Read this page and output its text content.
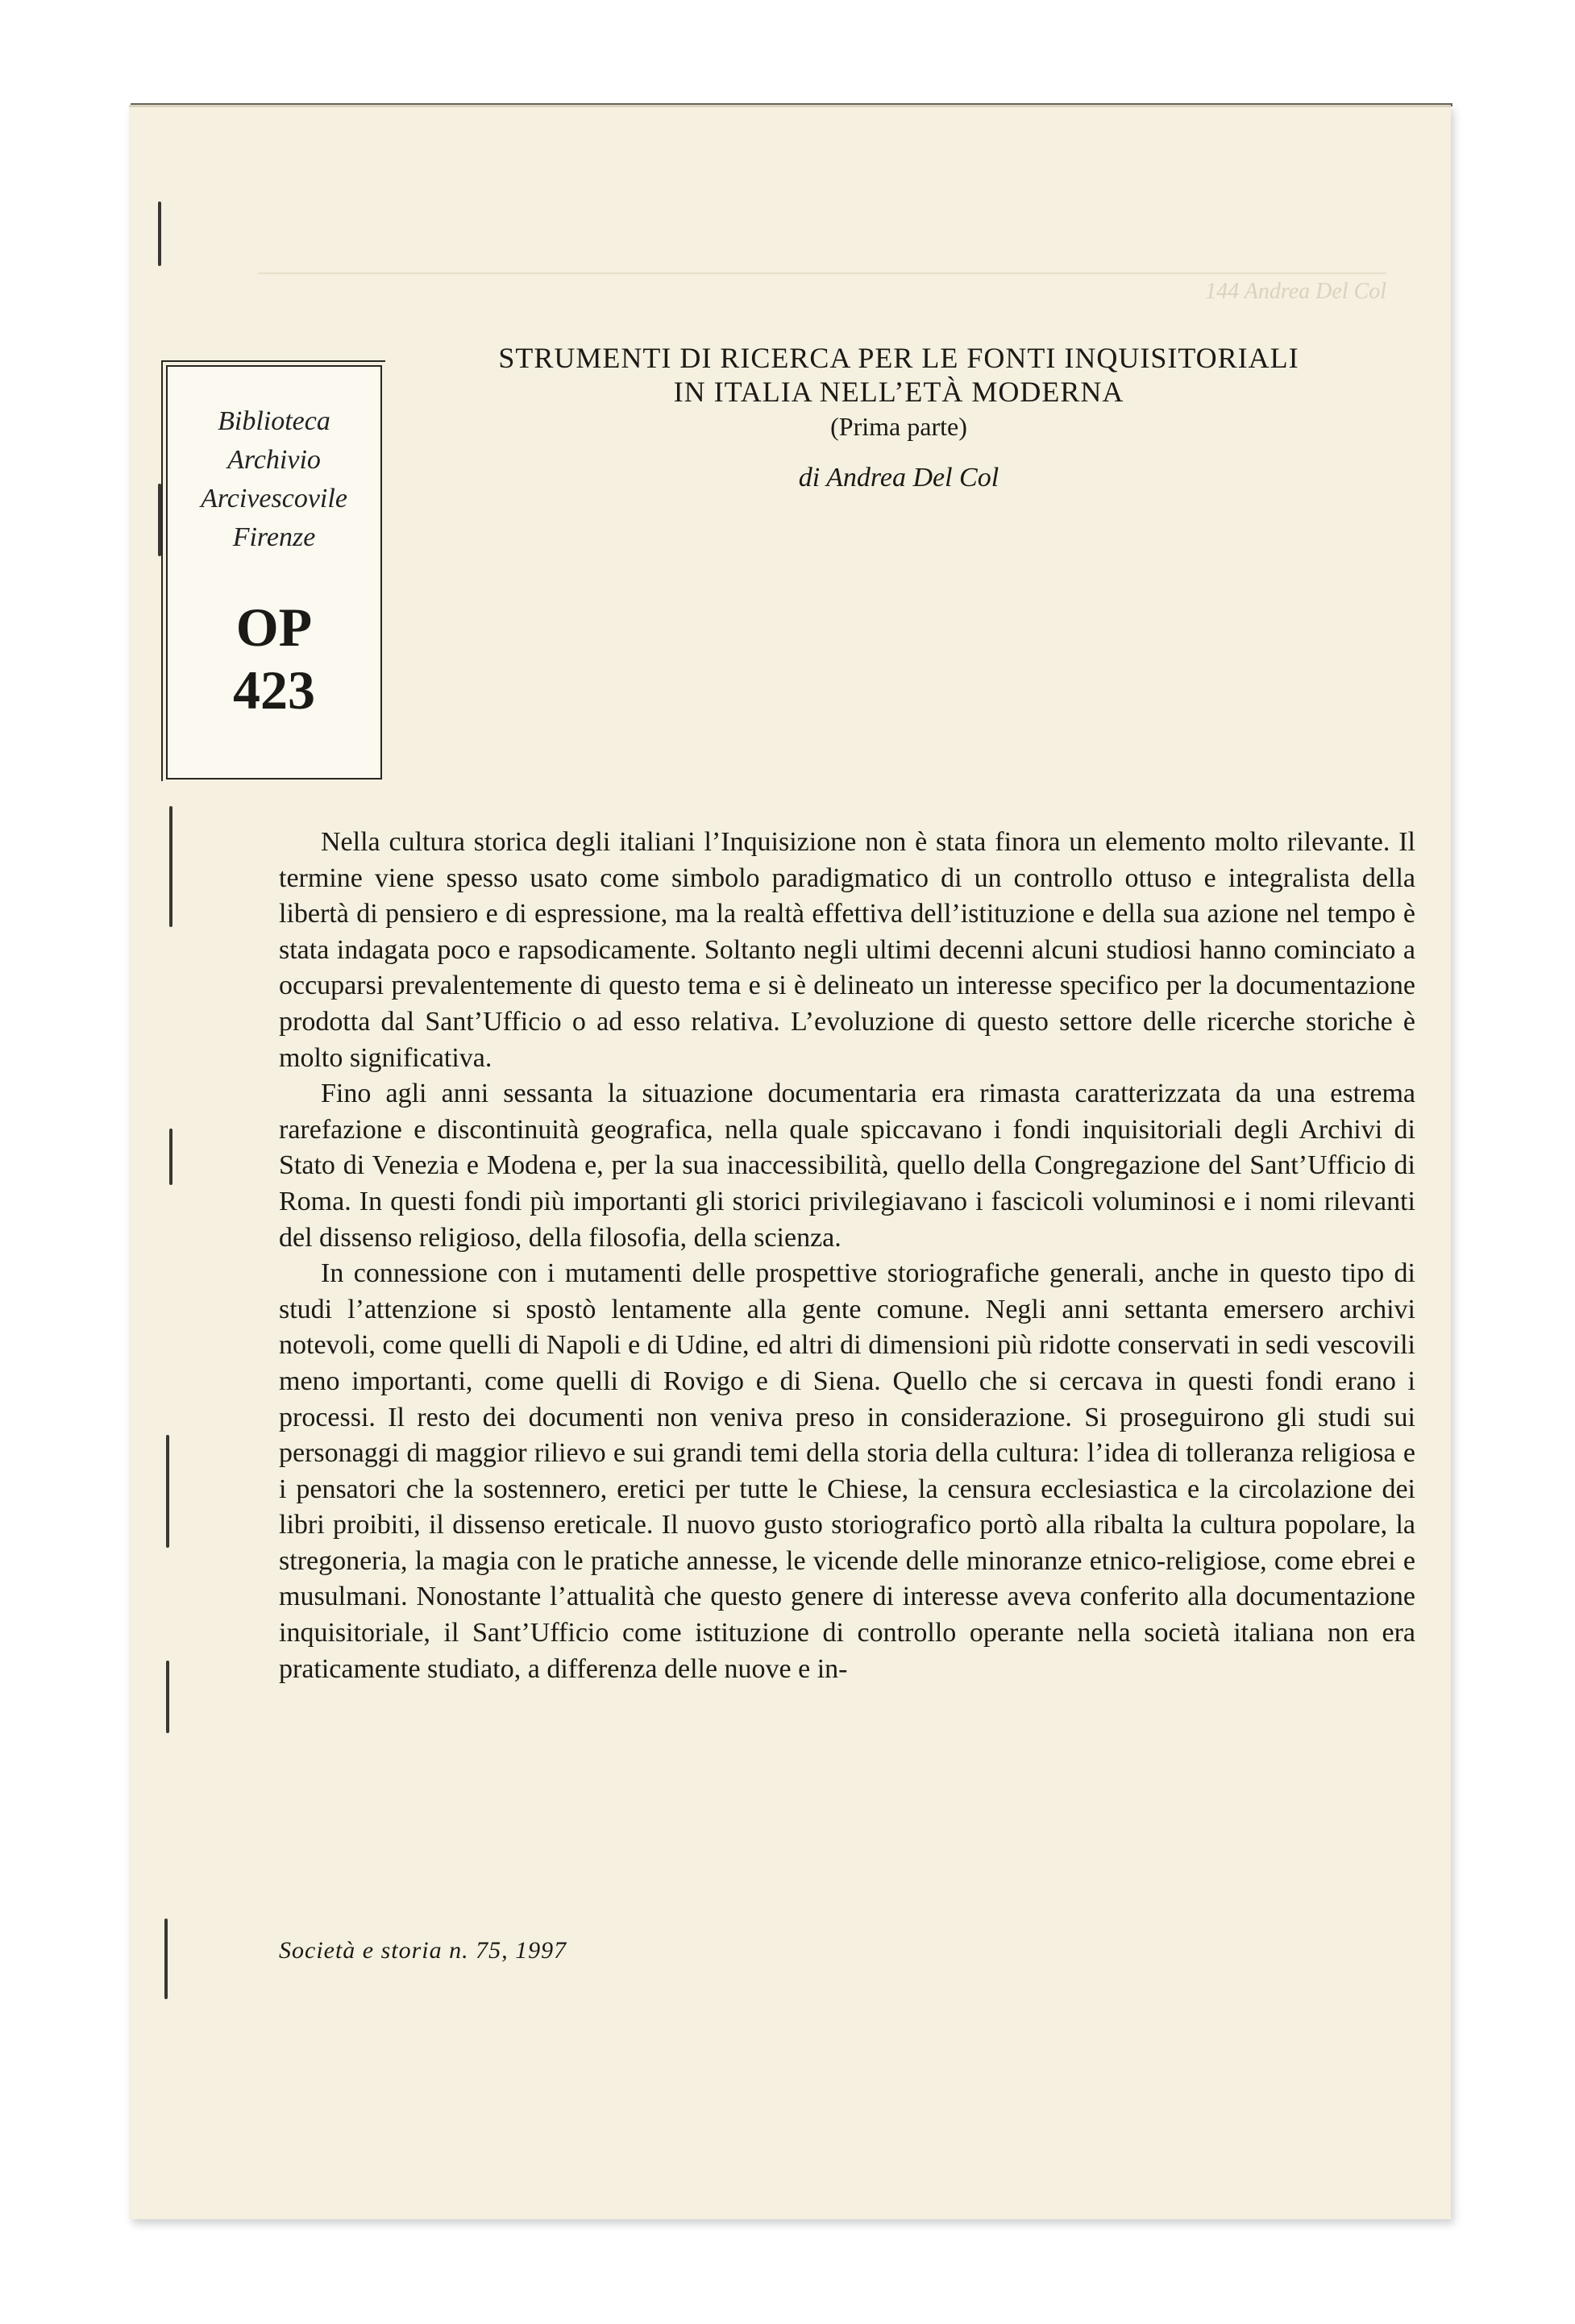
144 Andrea Del Col
STRUMENTI DI RICERCA PER LE FONTI INQUISITORIALI
IN ITALIA NELL’ETÀ MODERNA
(Prima parte)
di Andrea Del Col
Biblioteca
Archivio
Arcivescovile
Firenze
OP
423

Nella cultura storica degli italiani l’Inquisizione non è stata finora un elemento molto rilevante. Il termine viene spesso usato come simbolo paradigmatico di un controllo ottuso e integralista della libertà di pensiero e di espressione, ma la realtà effettiva dell’istituzione e della sua azione nel tempo è stata indagata poco e rapsodicamente. Soltanto negli ultimi decenni alcuni studiosi hanno cominciato a occuparsi prevalentemente di questo tema e si è delineato un interesse specifico per la documentazione prodotta dal Sant’Ufficio o ad esso relativa. L’evoluzione di questo settore delle ricerche storiche è molto significativa.

Fino agli anni sessanta la situazione documentaria era rimasta caratterizzata da una estrema rarefazione e discontinuità geografica, nella quale spiccavano i fondi inquisitoriali degli Archivi di Stato di Venezia e Modena e, per la sua inaccessibilità, quello della Congregazione del Sant’Ufficio di Roma. In questi fondi più importanti gli storici privilegiavano i fascicoli voluminosi e i nomi rilevanti del dissenso religioso, della filosofia, della scienza.

In connessione con i mutamenti delle prospettive storiografiche generali, anche in questo tipo di studi l’attenzione si spostò lentamente alla gente comune. Negli anni settanta emersero archivi notevoli, come quelli di Napoli e di Udine, ed altri di dimensioni più ridotte conservati in sedi vescovili meno importanti, come quelli di Rovigo e di Siena. Quello che si cercava in questi fondi erano i processi. Il resto dei documenti non veniva preso in considerazione. Si proseguirono gli studi sui personaggi di maggior rilievo e sui grandi temi della storia della cultura: l’idea di tolleranza religiosa e i pensatori che la sostennero, eretici per tutte le Chiese, la censura ecclesiastica e la circolazione dei libri proibiti, il dissenso ereticale. Il nuovo gusto storiografico portò alla ribalta la cultura popolare, la stregoneria, la magia con le pratiche annesse, le vicende delle minoranze etnico-religiose, come ebrei e musulmani. Nonostante l’attualità che questo genere di interesse aveva conferito alla documentazione inquisitoriale, il Sant’Ufficio come istituzione di controllo operante nella società italiana non era praticamente studiato, a differenza delle nuove e in-

Società e storia n. 75, 1997
